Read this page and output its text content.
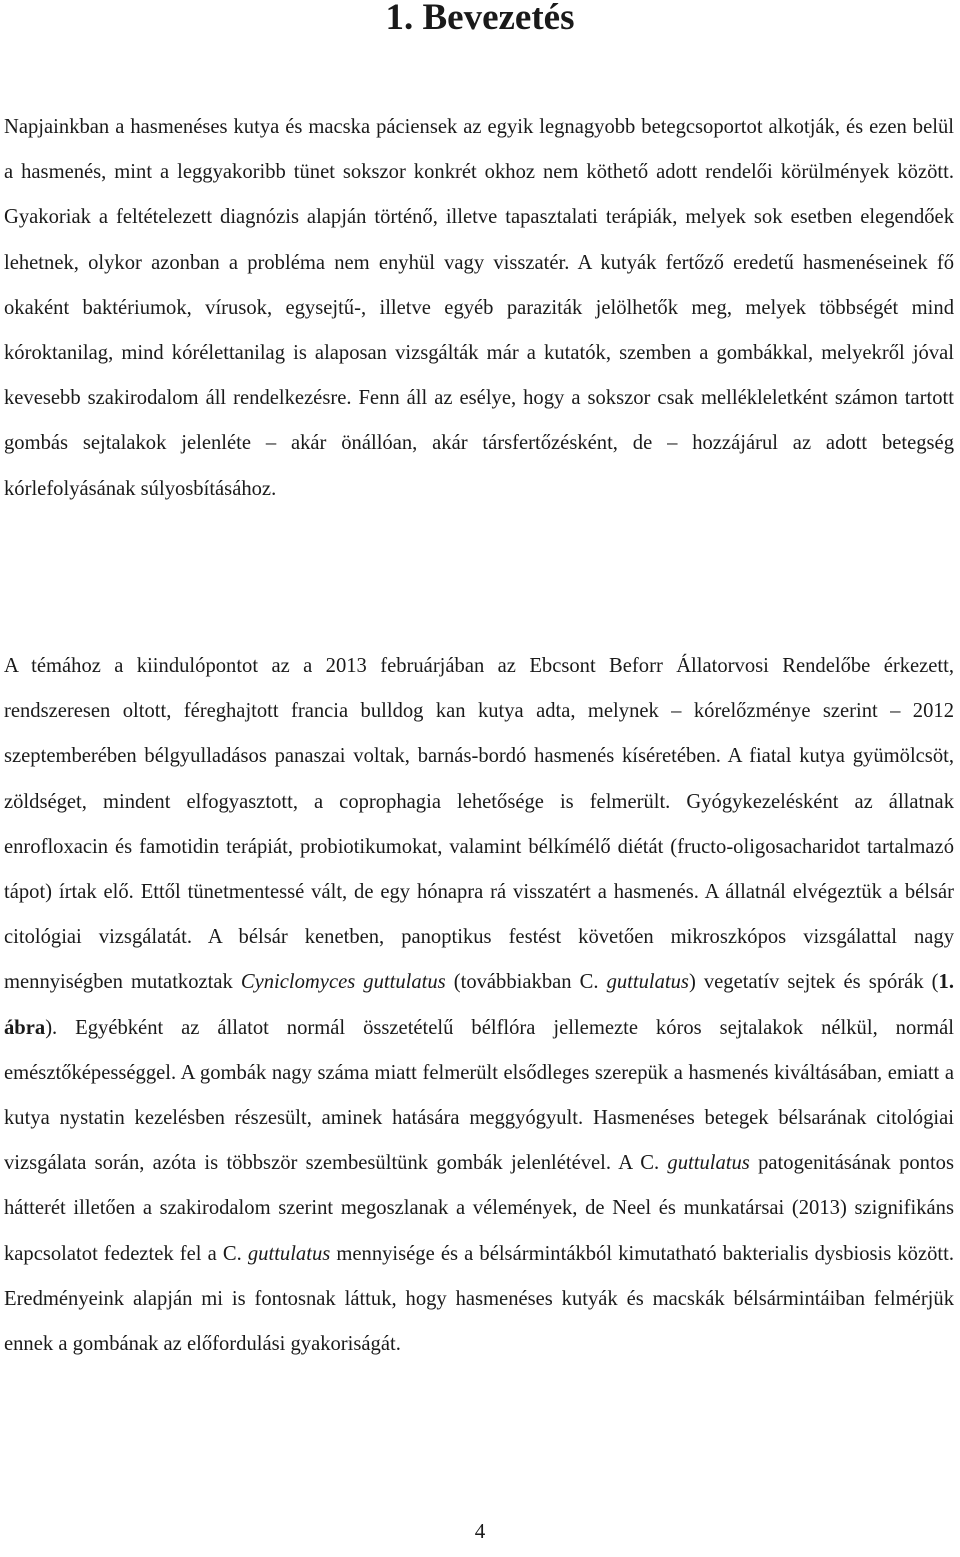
1. Bevezetés

Napjainkban a hasmenéses kutya és macska páciensek az egyik legnagyobb betegcsoportot alkotják, és ezen belül a hasmenés, mint a leggyakoribb tünet sokszor konkrét okhoz nem köthető adott rendelői körülmények között. Gyakoriak a feltételezett diagnózis alapján történő, illetve tapasztalati terápiák, melyek sok esetben elegendőek lehetnek, olykor azonban a probléma nem enyhül vagy visszatér. A kutyák fertőző eredetű hasmenéseinek fő okaként baktériumok, vírusok, egysejtű-, illetve egyéb paraziták jelölhetők meg, melyek többségét mind kóroktanilag, mind kórélettanilag is alaposan vizsgálták már a kutatók, szemben a gombákkal, melyekről jóval kevesebb szakirodalom áll rendelkezésre. Fenn áll az esélye, hogy a sokszor csak mellékleletként számon tartott gombás sejtalakok jelenléte – akár önállóan, akár társfertőzésként, de – hozzájárul az adott betegség kórlefolyásának súlyosbításához.

A témához a kiindulópontot az a 2013 februárjában az Ebcsont Beforr Állatorvosi Rendelőbe érkezett, rendszeresen oltott, féreghajtott francia bulldog kan kutya adta, melynek – kórelőzménye szerint – 2012 szeptemberében bélgyulladásos panaszai voltak, barnás-bordó hasmenés kíséretében. A fiatal kutya gyümölcsöt, zöldséget, mindent elfogyasztott, a coprophagia lehetősége is felmerült. Gyógykezelésként az állatnak enrofloxacin és famotidin terápiát, probiotikumokat, valamint bélkímélő diétát (fructo-oligosacharidot tartalmazó tápot) írtak elő. Ettől tünetmentessé vált, de egy hónapra rá visszatért a hasmenés. A állatnál elvégeztük a bélsár citológiai vizsgálatát. A bélsár kenetben, panoptikus festést követően mikroszkópos vizsgálattal nagy mennyiségben mutatkoztak Cyniclomyces guttulatus (továbbiakban C. guttulatus) vegetatív sejtek és spórák (1. ábra). Egyébként az állatot normál összetételű bélflóra jellemezte kóros sejtalakok nélkül, normál emésztőképességgel. A gombák nagy száma miatt felmerült elsődleges szerepük a hasmenés kiváltásában, emiatt a kutya nystatin kezelésben részesült, aminek hatására meggyógyult. Hasmenéses betegek bélsarának citológiai vizsgálata során, azóta is többször szembesültünk gombák jelenlétével. A C. guttulatus patogenitásának pontos hátterét illetően a szakirodalom szerint megoszlanak a vélemények, de Neel és munkatársai (2013) szignifikáns kapcsolatot fedeztek fel a C. guttulatus mennyisége és a bélsármintákból kimutatható bakterialis dysbiosis között. Eredményeink alapján mi is fontosnak láttuk, hogy hasmenéses kutyák és macskák bélsármintáiban felmérjük ennek a gombának az előfordulási gyakoriságát.

4
